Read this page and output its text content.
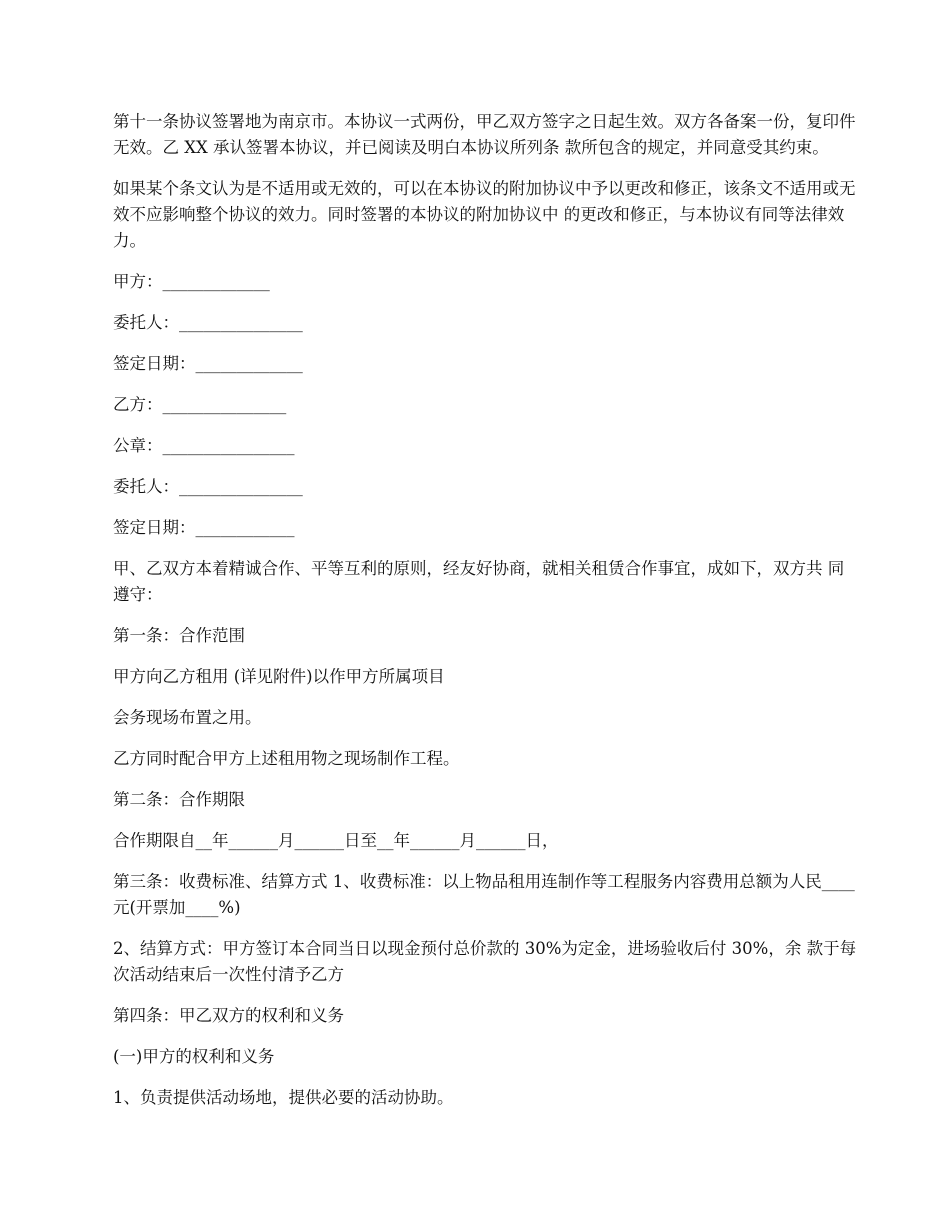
第十一条协议签署地为南京市。本协议一式两份，甲乙双方签字之日起生效。双方各备案一份，复印件无效。乙 XX 承认签署本协议，并已阅读及明白本协议所列条 款所包含的规定，并同意受其约束。

如果某个条文认为是不适用或无效的，可以在本协议的附加协议中予以更改和修正，该条文不适用或无效不应影响整个协议的效力。同时签署的本协议的附加协议中 的更改和修正，与本协议有同等法律效力。

甲方：_____________

委托人：_______________

签定日期：_____________

乙方：_______________

公章：________________

委托人：_______________

签定日期：____________

甲、乙双方本着精诚合作、平等互利的原则，经友好协商，就相关租赁合作事宜，成如下，双方共 同遵守：

第一条：合作范围

甲方向乙方租用 (详见附件)以作甲方所属项目

会务现场布置之用。

乙方同时配合甲方上述租用物之现场制作工程。

第二条：合作期限

合作期限自__年______月______日至__年______月______日，

第三条：收费标准、结算方式 1、收费标准：以上物品租用连制作等工程服务内容费用总额为人民____元(开票加____%)

2、结算方式：甲方签订本合同当日以现金预付总价款的 30%为定金，进场验收后付 30%，余 款于每次活动结束后一次性付清予乙方

第四条：甲乙双方的权利和义务

(一)甲方的权利和义务

1、负责提供活动场地，提供必要的活动协助。
